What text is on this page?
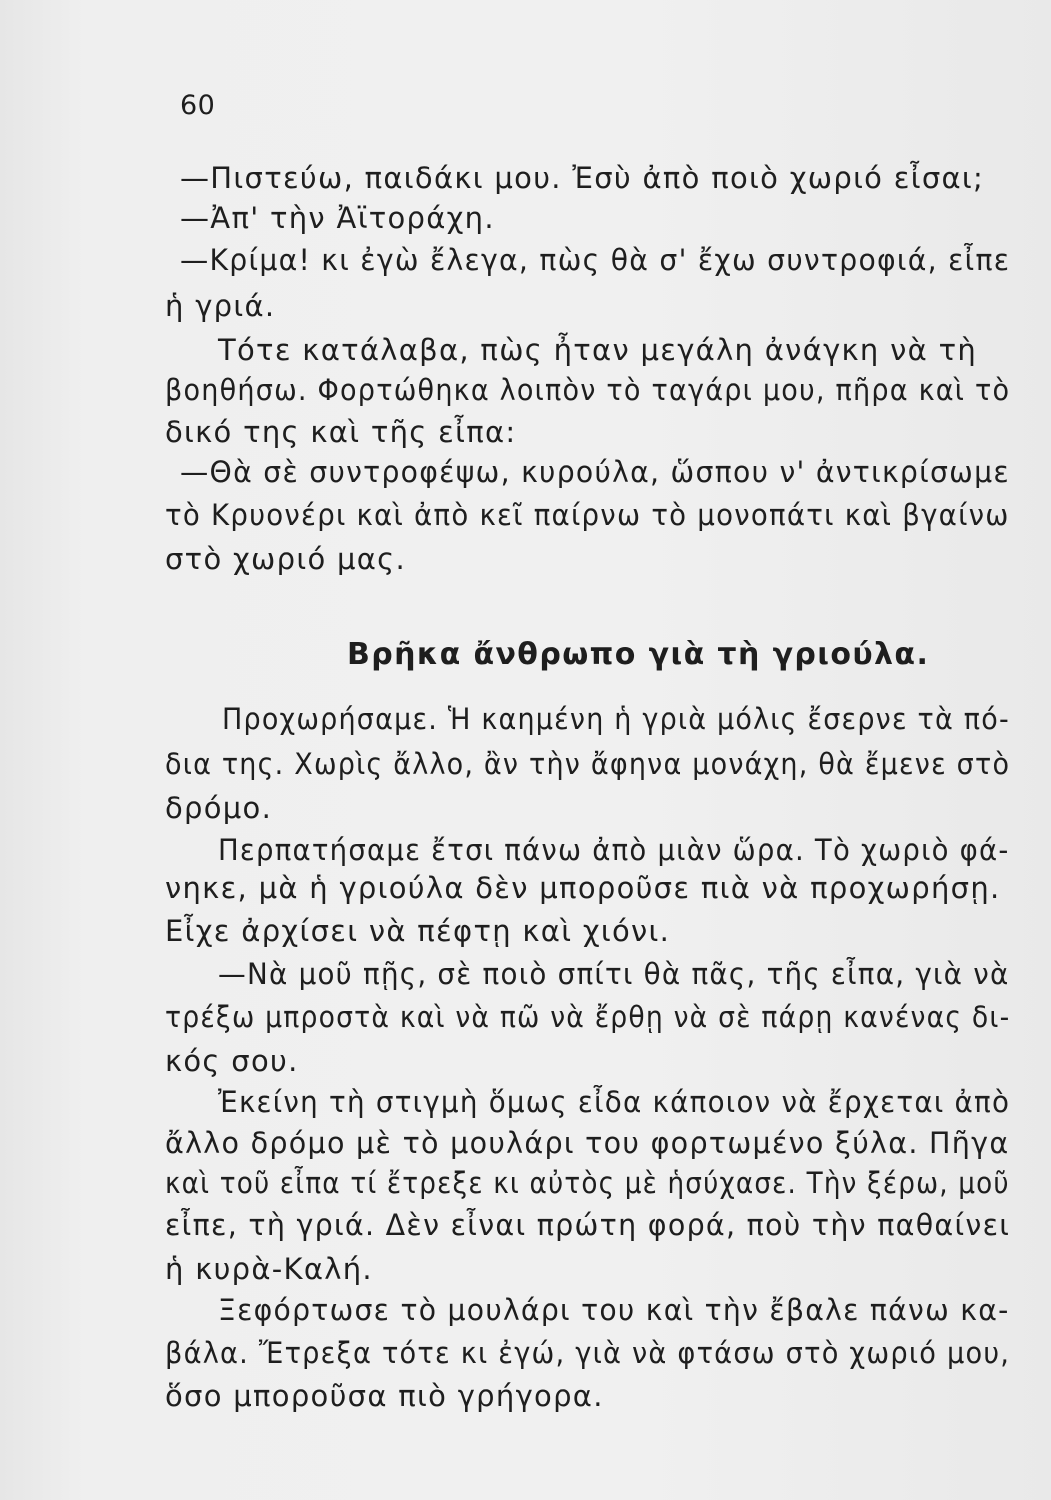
60
—Πιστεύω, παιδάκι μου. Ἐσὺ ἀπὸ ποιὸ χωριό εἶσαι;
—Ἀπ' τὴν Ἀϊτοράχη.
—Κρίμα! κι ἐγὼ ἔλεγα, πὼς θὰ σ' ἔχω συντροφιά, εἶπε
ἡ γριά.
Τότε κατάλαβα, πὼς ἦταν μεγάλη ἀνάγκη νὰ τὴ
βοηθήσω. Φορτώθηκα λοιπὸν τὸ ταγάρι μου, πῆρα καὶ τὸ
δικό της καὶ τῆς εἶπα:
—Θὰ σὲ συντροφέψω, κυρούλα, ὥσπου ν' ἀντικρίσωμε
τὸ Κρυονέρι καὶ ἀπὸ κεῖ παίρνω τὸ μονοπάτι καὶ βγαίνω
στὸ χωριό μας.
Βρῆκα ἄνθρωπο γιὰ τὴ γριούλα.
Προχωρήσαμε. Ἡ καημένη ἡ γριὰ μόλις ἔσερνε τὰ πό-
δια της. Χωρὶς ἄλλο, ἂν τὴν ἄφηνα μονάχη, θὰ ἔμενε στὸ
δρόμο.
Περπατήσαμε ἔτσι πάνω ἀπὸ μιὰν ὥρα. Τὸ χωριὸ φά-
νηκε, μὰ ἡ γριούλα δὲν μποροῦσε πιὰ νὰ προχωρήσῃ.
Εἶχε ἀρχίσει νὰ πέφτῃ καὶ χιόνι.
—Νὰ μοῦ πῇς, σὲ ποιὸ σπίτι θὰ πᾶς, τῆς εἶπα, γιὰ νὰ
τρέξω μπροστὰ καὶ νὰ πῶ νὰ ἔρθῃ νὰ σὲ πάρῃ κανένας δι-
κός σου.
Ἐκείνη τὴ στιγμὴ ὅμως εἶδα κάποιον νὰ ἔρχεται ἀπὸ
ἄλλο δρόμο μὲ τὸ μουλάρι του φορτωμένο ξύλα. Πῆγα
καὶ τοῦ εἶπα τί ἔτρεξε κι αὐτὸς μὲ ἡσύχασε. Τὴν ξέρω, μοῦ
εἶπε, τὴ γριά. Δὲν εἶναι πρώτη φορά, ποὺ τὴν παθαίνει
ἡ κυρὰ-Καλή.
Ξεφόρτωσε τὸ μουλάρι του καὶ τὴν ἔβαλε πάνω κα-
βάλα. Ἔτρεξα τότε κι ἐγώ, γιὰ νὰ φτάσω στὸ χωριό μου,
ὅσο μποροῦσα πιὸ γρήγορα.
